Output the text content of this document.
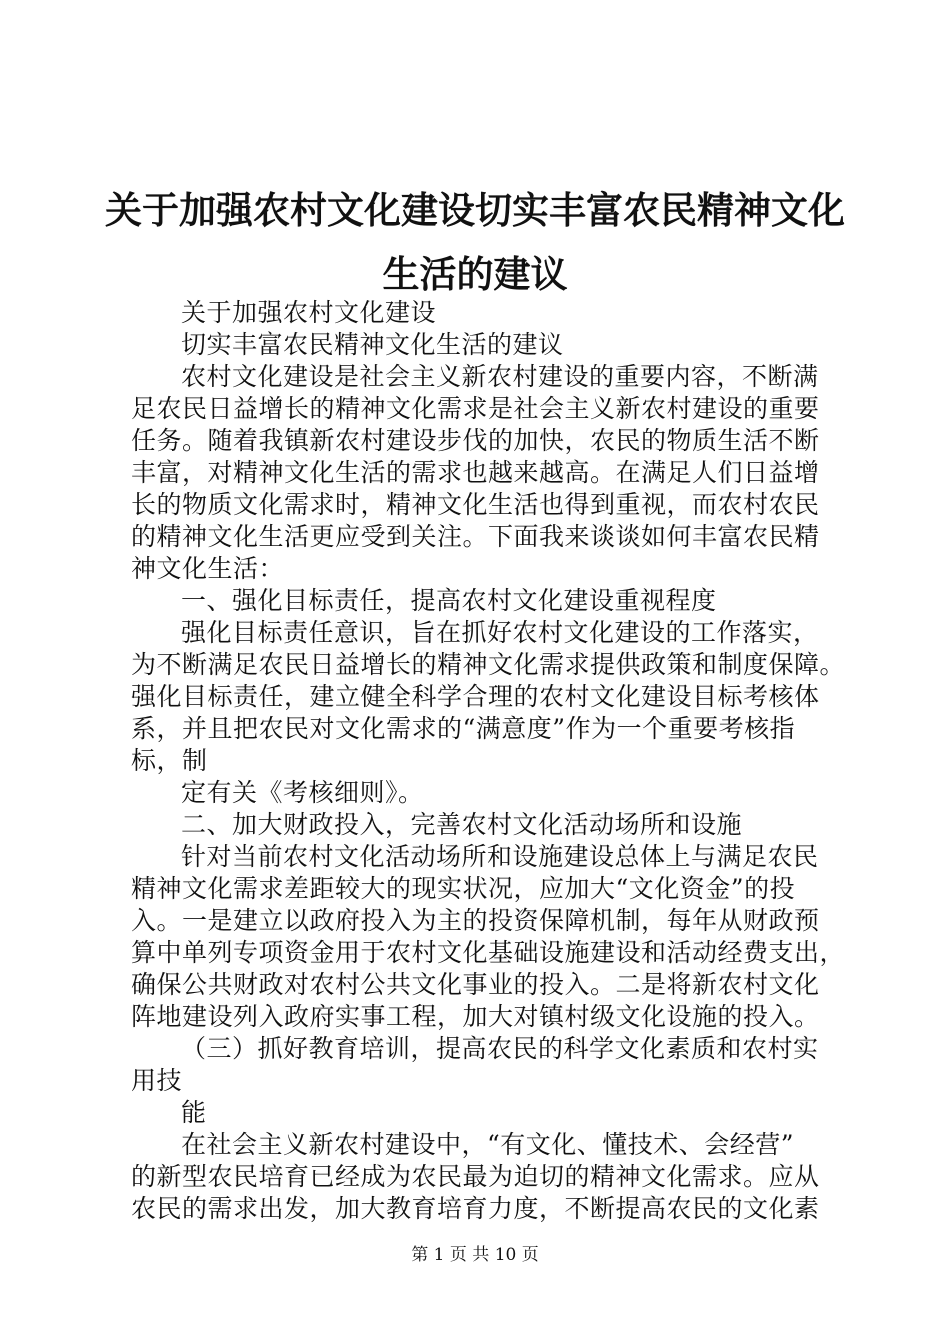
关于加强农村文化建设切实丰富农民精神文化
生活的建议
关于加强农村文化建设
切实丰富农民精神文化生活的建议
农村文化建设是社会主义新农村建设的重要内容，不断满
足农民日益增长的精神文化需求是社会主义新农村建设的重要
任务。随着我镇新农村建设步伐的加快，农民的物质生活不断
丰富，对精神文化生活的需求也越来越高。在满足人们日益增
长的物质文化需求时，精神文化生活也得到重视，而农村农民
的精神文化生活更应受到关注。下面我来谈谈如何丰富农民精
神文化生活：
一、强化目标责任，提高农村文化建设重视程度
强化目标责任意识，旨在抓好农村文化建设的工作落实，
为不断满足农民日益增长的精神文化需求提供政策和制度保障。
强化目标责任，建立健全科学合理的农村文化建设目标考核体
系，并且把农民对文化需求的“满意度”作为一个重要考核指
标，制
定有关《考核细则》。
二、加大财政投入，完善农村文化活动场所和设施
针对当前农村文化活动场所和设施建设总体上与满足农民
精神文化需求差距较大的现实状况，应加大“文化资金”的投
入。一是建立以政府投入为主的投资保障机制，每年从财政预
算中单列专项资金用于农村文化基础设施建设和活动经费支出，
确保公共财政对农村公共文化事业的投入。二是将新农村文化
阵地建设列入政府实事工程，加大对镇村级文化设施的投入。
（三）抓好教育培训，提高农民的科学文化素质和农村实
用技
能
在社会主义新农村建设中，“有文化、懂技术、会经营”
的新型农民培育已经成为农民最为迫切的精神文化需求。应从
农民的需求出发，加大教育培育力度，不断提高农民的文化素
第 1 页 共 10 页
